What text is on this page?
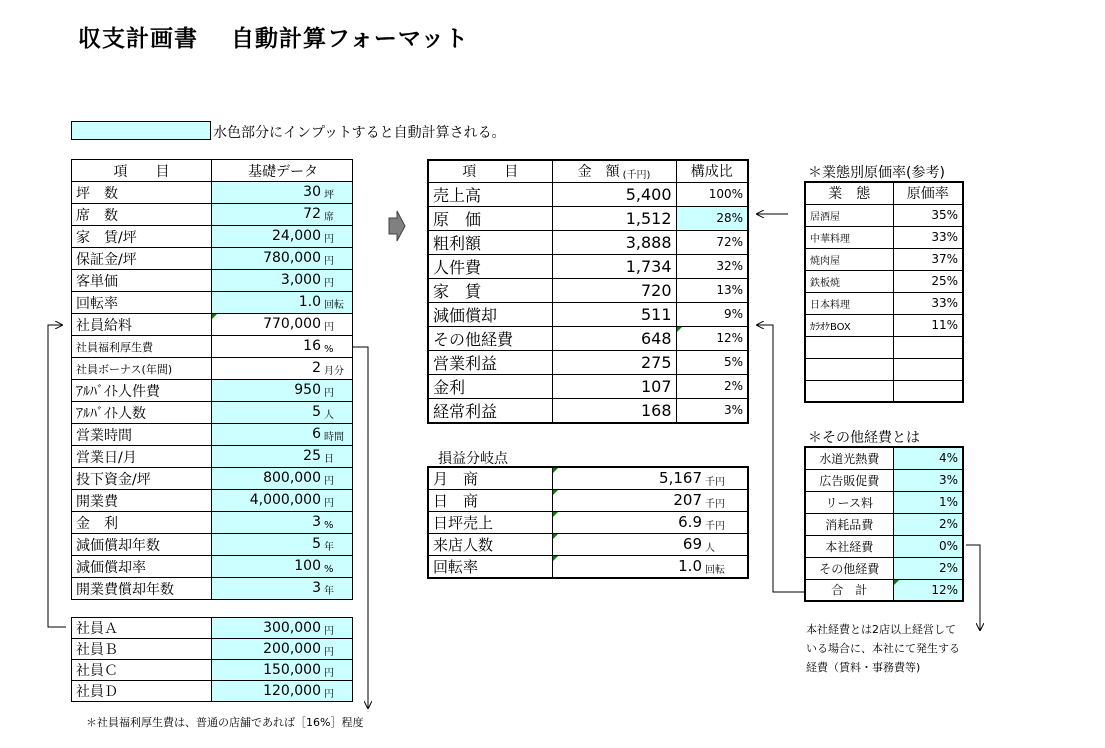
収支計画書　 自動計算フォーマット
水色部分にインプットすると自動計算される。
項　　目	基礎データ
坪　数	30 坪
席　数	72 席
家　賃/坪	24,000 円
保証金/坪	780,000 円
客単価	3,000 円
回転率	1.0 回転
社員給料	770,000 円
社員福利厚生費	16 %
社員ボーナス(年間)	2 月分
ｱﾙﾊﾞｲﾄ人件費	950 円
ｱﾙﾊﾞｲﾄ人数	5 人
営業時間	6 時間
営業日/月	25 日
投下資金/坪	800,000 円
開業費	4,000,000 円
金　利	3 %
減価償却年数	5 年
減価償却率	100 %
開業費償却年数	3 年
社員Ａ	300,000 円
社員Ｂ	200,000 円
社員Ｃ	150,000 円
社員Ｄ	120,000 円
項　　目	金　額 (千円)	構成比
売上高	5,400	100%
原　価	1,512	28%
粗利額	3,888	72%
人件費	1,734	32%
家　賃	720	13%
減価償却	511	9%
その他経費	648	12%
営業利益	275	5%
金利	107	2%
経常利益	168	3%
損益分岐点
月　商	5,167 千円
日　商	207 千円
日坪売上	6.9 千円
来店人数	69 人
回転率	1.0 回転
＊業態別原価率(参考)
業　態	原価率
居酒屋	35%
中華料理	33%
焼肉屋	37%
鉄板焼	25%
日本料理	33%
ｶﾗｵｹBOX	11%

＊その他経費とは
水道光熱費	4%
広告販促費	3%
リース料	1%
消耗品費	2%
本社経費	0%
その他経費	2%
合　計	12%
本社経費とは2店以上経営している場合に、本社にて発生する経費（賃料・事務費等)
＊社員福利厚生費は、普通の店舗であれば［16%］程度
